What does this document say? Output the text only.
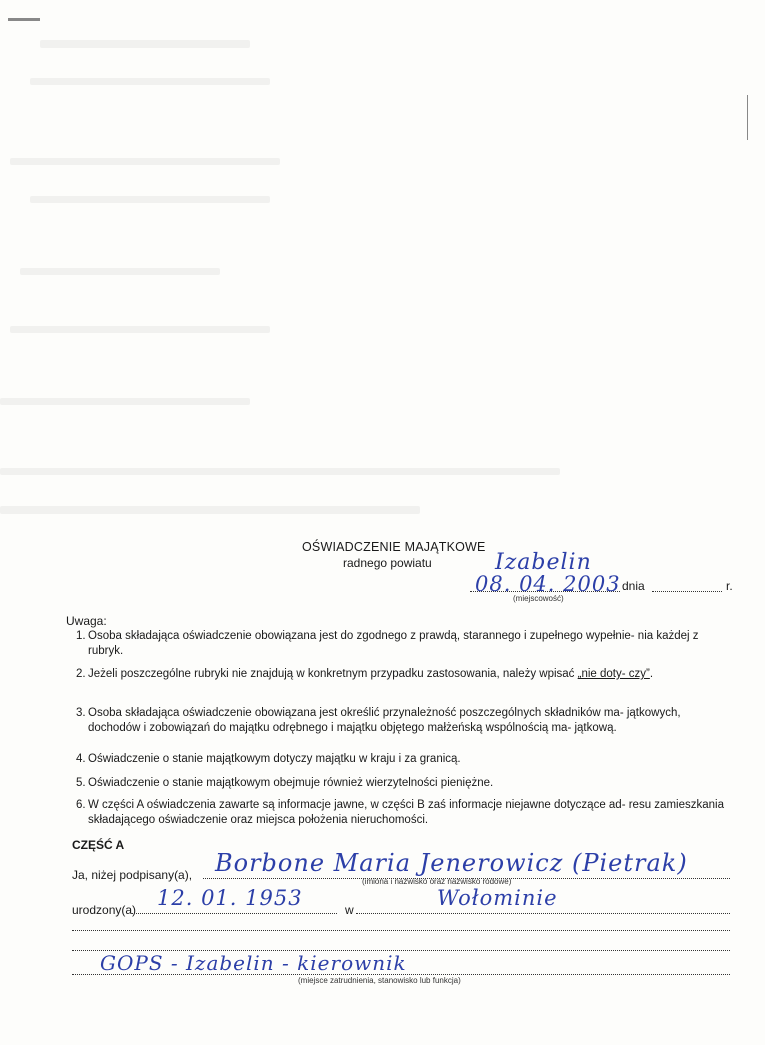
OŚWIADCZENIE MAJĄTKOWE
radnego powiatu	Izabelin
08. 04. 2003 dnia	r.
(miejscowość)
Uwaga:
1. Osoba składająca oświadczenie obowiązana jest do zgodnego z prawdą, starannego i zupełnego wypełnie- nia każdej z rubryk.
2. Jeżeli poszczególne rubryki nie znajdują w konkretnym przypadku zastosowania, należy wpisać „nie doty- czy”.
3. Osoba składająca oświadczenie obowiązana jest określić przynależność poszczególnych składników ma- jątkowych, dochodów i zobowiązań do majątku odrębnego i majątku objętego małżeńską wspólnością ma- jątkową.
4. Oświadczenie o stanie majątkowym dotyczy majątku w kraju i za granicą.
5. Oświadczenie o stanie majątkowym obejmuje również wierzytelności pieniężne.
6. W części A oświadczenia zawarte są informacje jawne, w części B zaś informacje niejawne dotyczące ad- resu zamieszkania składającego oświadczenie oraz miejsca położenia nieruchomości.
CZĘŚĆ A
Ja, niżej podpisany(a), Borbone Maria Jenerowicz (Pietrak)
(imiona i nazwisko oraz nazwisko rodowe)
urodzony(a) 12. 01. 1953	w	Wołominie
GOPS - Izabelin - kierownik
(miejsce zatrudnienia, stanowisko lub funkcja)
